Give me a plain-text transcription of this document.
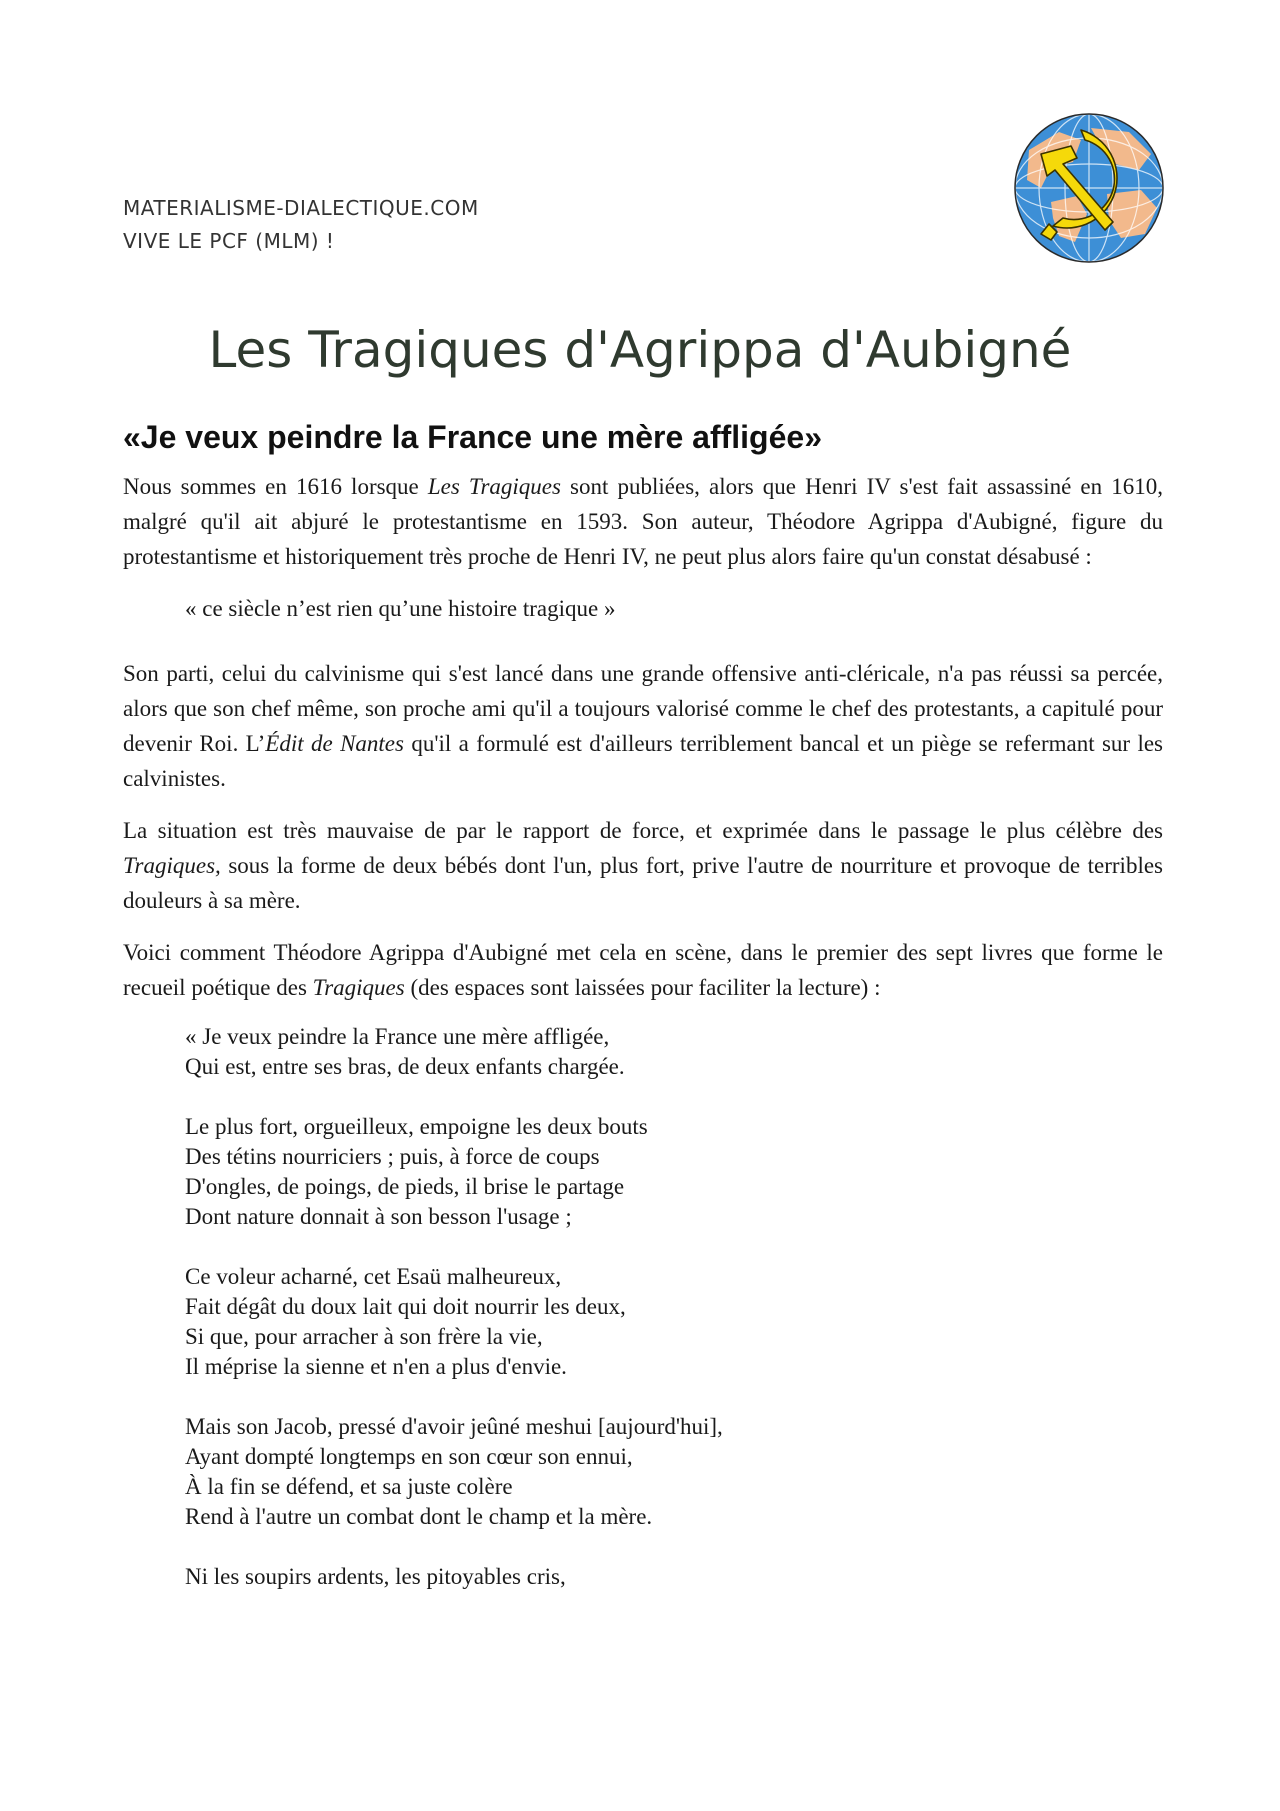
MATERIALISME-DIALECTIQUE.COM
VIVE LE PCF (MLM) !
Les Tragiques d'Agrippa d'Aubigné
«Je veux peindre la France une mère affligée»

Nous sommes en 1616 lorsque Les Tragiques sont publiées, alors que Henri IV s'est fait assassiné en 1610, malgré qu'il ait abjuré le protestantisme en 1593. Son auteur, Théodore Agrippa d'Aubigné, figure du protestantisme et historiquement très proche de Henri IV, ne peut plus alors faire qu'un constat désabusé :

« ce siècle n’est rien qu’une histoire tragique »

Son parti, celui du calvinisme qui s'est lancé dans une grande offensive anti-cléricale, n'a pas réussi sa percée, alors que son chef même, son proche ami qu'il a toujours valorisé comme le chef des protestants, a capitulé pour devenir Roi. L’Édit de Nantes qu'il a formulé est d'ailleurs terriblement bancal et un piège se refermant sur les calvinistes.

La situation est très mauvaise de par le rapport de force, et exprimée dans le passage le plus célèbre des Tragiques, sous la forme de deux bébés dont l'un, plus fort, prive l'autre de nourriture et provoque de terribles douleurs à sa mère.

Voici comment Théodore Agrippa d'Aubigné met cela en scène, dans le premier des sept livres que forme le recueil poétique des Tragiques (des espaces sont laissées pour faciliter la lecture) :

« Je veux peindre la France une mère affligée,
Qui est, entre ses bras, de deux enfants chargée.
Le plus fort, orgueilleux, empoigne les deux bouts
Des tétins nourriciers ; puis, à force de coups
D'ongles, de poings, de pieds, il brise le partage
Dont nature donnait à son besson l'usage ;
Ce voleur acharné, cet Esaü malheureux,
Fait dégât du doux lait qui doit nourrir les deux,
Si que, pour arracher à son frère la vie,
Il méprise la sienne et n'en a plus d'envie.
Mais son Jacob, pressé d'avoir jeûné meshui [aujourd'hui],
Ayant dompté longtemps en son cœur son ennui,
À la fin se défend, et sa juste colère
Rend à l'autre un combat dont le champ et la mère.
Ni les soupirs ardents, les pitoyables cris,
